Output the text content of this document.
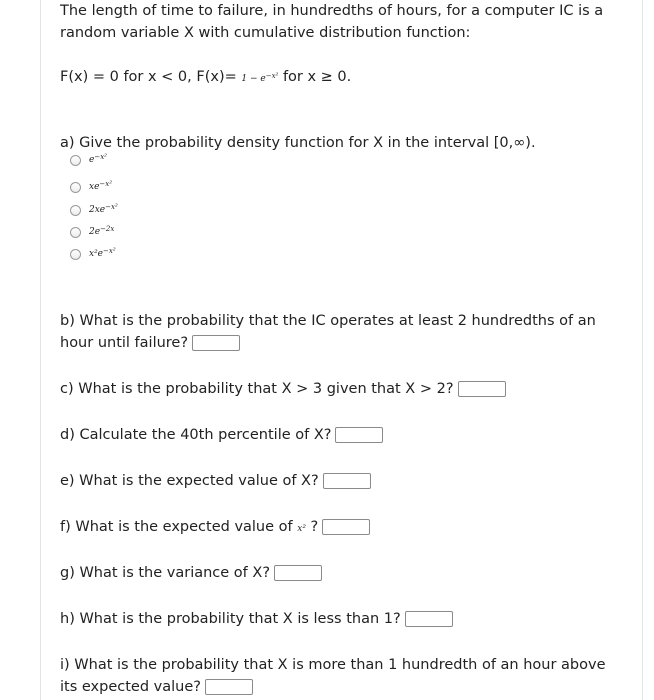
The length of time to failure, in hundredths of hours, for a computer IC is a
random variable X with cumulative distribution function:
F(x) = 0 for x < 0, $F(x)= 1 - e^{-x^2}$ for x ≥ 0.
a) Give the probability density function for X in the interval [0,∞).
$e^{-x^2}$
$xe^{-x^2}$
$2xe^{-x^2}$
$2e^{-2x}$
$x^2e^{-x^2}$
b) What is the probability that the IC operates at least 2 hundredths of an
hour until failure?
c) What is the probability that X > 3 given that X > 2?
d) Calculate the 40th percentile of X?
e) What is the expected value of X?
f) What is the expected value of x² ?
g) What is the variance of X?
h) What is the probability that X is less than 1?
i) What is the probability that X is more than 1 hundredth of an hour above
its expected value?
